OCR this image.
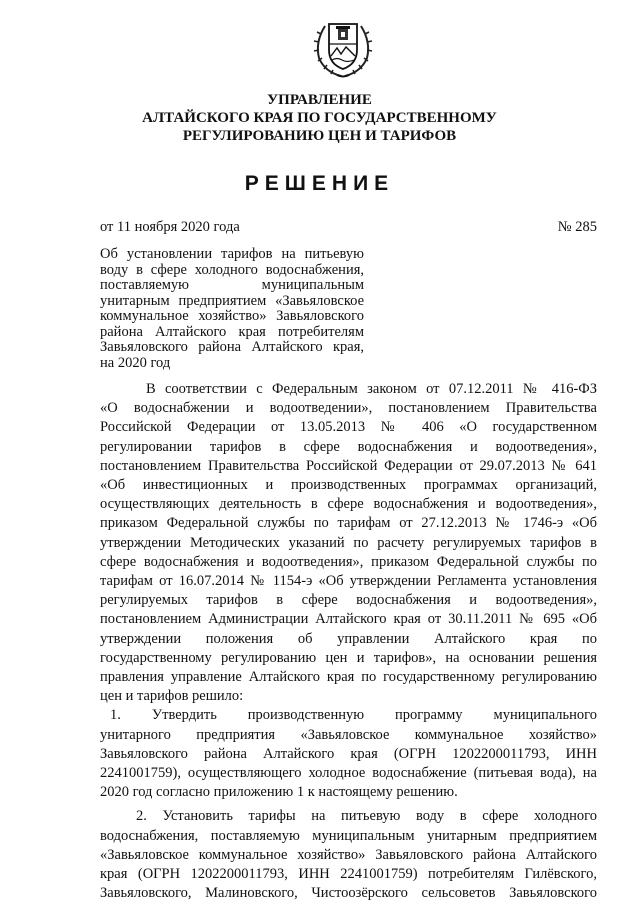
УПРАВЛЕНИЕ
АЛТАЙСКОГО КРАЯ ПО ГОСУДАРСТВЕННОМУ
РЕГУЛИРОВАНИЮ ЦЕН И ТАРИФОВ
РЕШЕНИЕ
от 11 ноября 2020 года	№ 285
Об установлении тарифов на питьевую
воду в сфере холодного водоснабжения,
поставляемую муниципальным
унитарным предприятием «Завьяловское
коммунальное хозяйство» Завьяловского
района Алтайского края потребителям
Завьяловского района Алтайского края,
на 2020 год
В соответствии с Федеральным законом от 07.12.2011 № 416-ФЗ
«О водоснабжении и водоотведении», постановлением Правительства
Российской Федерации от 13.05.2013 № 406 «О государственном
регулировании тарифов в сфере водоснабжения и водоотведения»,
постановлением Правительства Российской Федерации от 29.07.2013 № 641
«Об инвестиционных и производственных программах организаций,
осуществляющих деятельность в сфере водоснабжения и водоотведения»,
приказом Федеральной службы по тарифам от 27.12.2013 № 1746-э «Об
утверждении Методических указаний по расчету регулируемых тарифов в
сфере водоснабжения и водоотведения», приказом Федеральной службы по
тарифам от 16.07.2014 № 1154-э «Об утверждении Регламента установления
регулируемых тарифов в сфере водоснабжения и водоотведения»,
постановлением Администрации Алтайского края от 30.11.2011 № 695 «Об
утверждении положения об управлении Алтайского края по
государственному регулированию цен и тарифов», на основании решения
правления управление Алтайского края по государственному регулированию
цен и тарифов решило:
1. Утвердить производственную программу муниципального
унитарного предприятия «Завьяловское коммунальное хозяйство»
Завьяловского района Алтайского края (ОГРН 1202200011793, ИНН
2241001759), осуществляющего холодное водоснабжение (питьевая вода), на
2020 год согласно приложению 1 к настоящему решению.
2. Установить тарифы на питьевую воду в сфере холодного
водоснабжения, поставляемую муниципальным унитарным предприятием
«Завьяловское коммунальное хозяйство» Завьяловского района Алтайского
края (ОГРН 1202200011793, ИНН 2241001759) потребителям Гилёвского,
Завьяловского, Малиновского, Чистоозёрского сельсоветов Завьяловского
